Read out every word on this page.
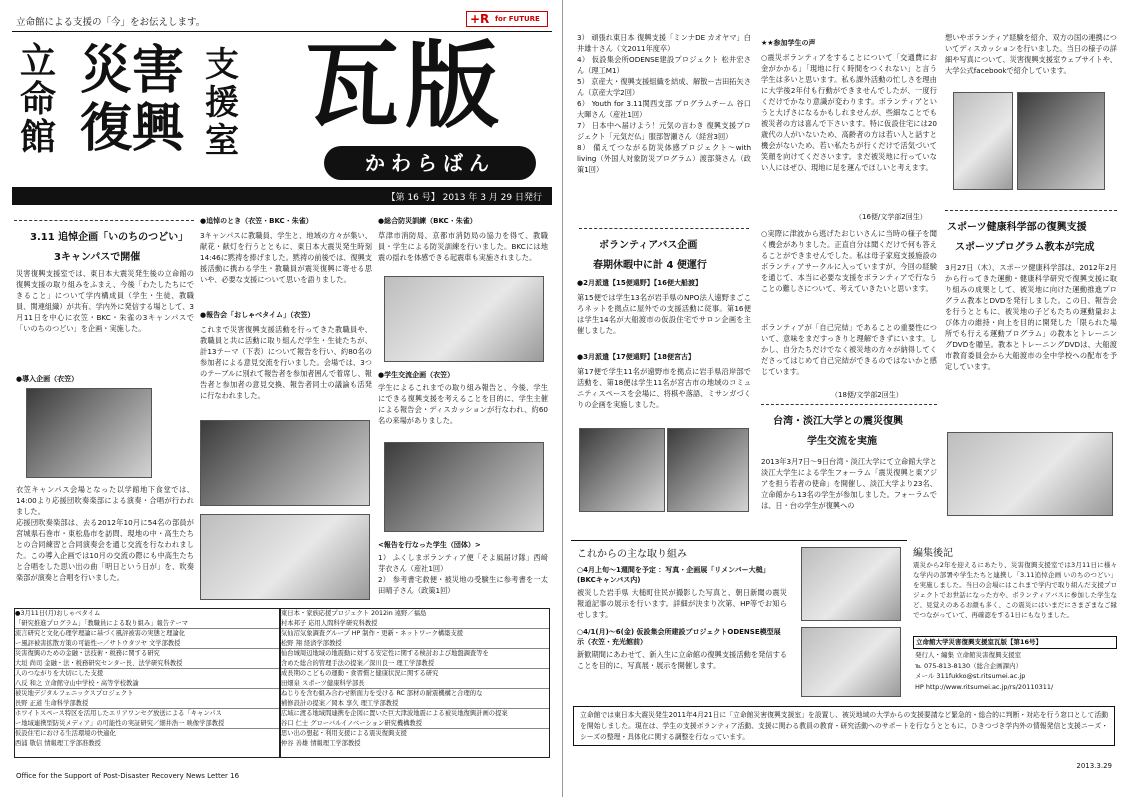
立命館による支援の「今」をお伝えします。	+R for FUTURE
立命館
災害復興
支援室 瓦版
かわらばん
【第 16 号】 2013 年 3 月 29 日発行
3.11 追悼企画「いのちのつどい」
3キャンパスで開催
災害復興支援室では、東日本大震災発生後の立命館の復興支援の取り組みをふまえ、今後「わたしたちにできること」について学内構成員（学生・生徒、教職員、関連組織）が共有、学内外に発信する場として、3月11日を中心に衣笠・BKC・朱雀の3キャンパスで「いのちのつどい」を企画・実施した。
●導入企画（衣笠）
衣笠キャンパス会場となった以学館地下食堂では、14:00より応援団吹奏楽部による演奏・合唱が行われました。
応援団吹奏楽部は、去る2012年10月に54名の部員が宮城県石巻市・東松島市を訪問、現地の中・高生たちとの合同練習と合同演奏会を通じ交流を行なわれました。この導入企画では10月の交流の際にも中高生たちと合唱をした思い出の曲「明日という日が」を、吹奏楽部が演奏と合唱を行いました。
●追悼のとき（衣笠・BKC・朱雀）
3キャンパスに教職員、学生と、地域の方々が集い、献花・献灯を行うとともに、東日本大震災発生時刻14:46に黙祷を捧げました。黙祷の前後では、復興支援活動に携わる学生・教職員が震災復興に寄せる思いや、必要な支援について思いを語りました。
●報告会「おしゃべタイム」（衣笠）
これまで災害復興支援活動を行ってきた教職員や、教職員と共に活動に取り組んだ学生・生徒たちが、計13テーマ（下表）について報告を行い、約80名の参加者による意見交流を行いました。会場では、3つのテーブルに別れて報告者を参加者囲んで着席し、報告者と参加者の意見交換、報告者同士の議論も活発に行なわれました。
●総合防災訓練（BKC・朱雀）
草津市消防局、京都市消防局の協力を得て、教職員・学生による防災訓練を行いました。BKCには地震の揺れを体感できる起震車も実施されました。
●学生交流企画（衣笠）
学生によるこれまでの取り組み報告と、今後、学生にできる復興支援を考えることを目的に、学生主催による報告会・ディスカッションが行なわれ、約60名の来場がありました。
<報告を行なった学生（団体）>
1） ふくしまボランティア便「そよ風届け隊」西﨑芽衣さん（産社1回）
2） 参考書宅救便・被災地の受験生に参考書を一太田晴子さん（政策1回）
●3月11日(月)おしゃべタイム
「研究推進プログラム」「教職員による取り組み」報告テーマ
流言研究と文化心理学理論に基づく風評被害の実態と理論化
ー風評被害拡散方策の可能性ー／サトウタツヤ 文学部教授
災害復興のための金融・法技術・税務に関する研究
大垣 尚司 金融・法・税務研究センター長、法学研究科教授
人のつながりを大切にした支援
八反 和之 立命館守山中学校・高等学校教諭
被災地デジタルフェニックスプロジェクト
長野 正道 生命科学部教授
ホワイトスペース特区を活用したエリアワンセグ放送による「キャンパス
ー地域連携型防災メディア」の可能性の実証研究／細井浩一 映像学部教授
仮設住宅における生活環境の快適化
西浦 敬信 情報理工学部准教授
東日本・家族応援プロジェクト 2012in 遠野／福島
村本邦子 応用人間科学研究科教授
気仙沼気象調査グループ HP 制作・更新・ネットワーク構築支援
松野 翔 経済学部教授
仙台城周辺地域の地震動に対する安定性に関する検討および地盤調査等を
含めた総合的管理手法の提案／深川良一 理工学部教授
成長期のこどもの運動・食習慣と健康状況に関する研究
田畑泉 スポーツ健康科学部長
ねじりを含む組み合わせ断面力を受ける RC 部材の耐震機構と合理的な
補修設計の提案／岡本 享久 理工学部教授
広域に渡る地域間連携を企図に置いた巨大津波地震による被災地復興計画の提案
谷口 仁士 グローバルイノベーション研究機構教授
思い出の想起・利用支援による震災復興支援
仲谷 善雄 情報理工学部教授
Office for the Support of Post-Disaster Recovery News Letter 16
3） 頑張れ東日本 復興支援「ミンナDE カオヤマ」白井雄十さん（文2011年度卒）
4） 仮設集会所ODENSE建設プロジェクト 松井宏さん（理工M1）
5） 京産大・復興支援組織を結成、解散ー吉田拓矢さん（京産大学2回）
6） Youth for 3.11関西支部 プログラムチーム 谷口大暉さん（産社1回）
7） 日本中へ届けよう！元気の言わき 復興支援プロジェクト「元気だ仏」服部智瀬さん（経営3回）
8） 備えてつながる防災体感プロジェクト〜with living（外国人対象防災プログラム）渡部葵さん（政策1回）
ボランティアバス企画
春期休暇中に計 4 便運行
●2月派遣【15便遠野】【16便大船渡】
第15便では学生13名が岩手県のNPO法人遠野まごころネットを拠点に屋外での支援活動に従事。第16便は学生14名が大船渡市の仮設住宅でサロン企画を主催しました。
●3月派遣【17便遠野】【18便宮古】
第17便で学生11名が遠野市を拠点に岩手県沿岸部で活動を、第18便は学生11名が宮古市の地域のコミュニティスペースを会場に、将棋や落語、ミサンガづくりの企画を実施しました。
★★参加学生の声
○震災ボランティアをすることについて「交通費にお金がかかる」「現地に行く時間をつくれない」と言う学生は多いと思います。私も課外活動の忙しさを理由に大学後2年付も行動ができませんでしたが、一度行くだけでかなり意識が変わります。ボランティアというと大げさになるかもしれませんが、些細なことでも被災者の方は喜んで下さいます。特に仮設住宅には20歳代の人がいないため、高齢者の方は若い人と話すと機会がないため、若い私たちが行くだけで活気づいて笑顔を向けてくださいます。まだ被災地に行っていない人にはぜひ、現地に足を運んでほしいと考えます。
（16便/文学部2回生）
○実際に津波から逃げたおじいさんに当時の様子を聞く機会がありました。正直自分は聞くだけで何も答えることができませんでした。私は母子家庭支援施設のボランティアサークルに入っていますが、今回の経験を通じて、本当に必要な支援をボランティアで行なうことの難しさについて、考えていきたいと思います。
ボランティアが「自己完結」であることの重要性について、意味をまだすっきりと理解できずにいます。しかし、自分たちだけでなく被災地の方々が納得してくださってはじめて自己完結ができるのではないかと感じています。
（18便/文学部2回生）
台湾・淡江大学との震災復興
学生交流を実施
2013年3月7日〜9日台湾・淡江大学にて立命館大学と淡江大学生による学生フォーラム「震災復興と東アジアを担う若者の使命」を開催し、淡江大学より23名、立命館から13名の学生が参加しました。フォーラムでは、日・台の学生が復興への
想いやボランティア経験を紹介、双方の国の連携についてディスカッションを行いました。当日の様子の詳細や写真について、災害復興支援室ウェブサイトや、大学公式facebookで紹介しています。
スポーツ健康科学部の復興支援
スポーツプログラム教本が完成
3月27日（木）、スポーツ健康科学部は、2012年2月から行ってきた運動・健康科学研究で復興支援に取り組みの成果として、被災地に向けた運動推進プログラム教本とDVDを発行しました。この日、報告会を行うとともに、被災地の子どもたちの運動量および体力の維持・向上を目的に開発した「限られた場所でも行える運動プログラム」の教本とトレーニングDVDを贈呈。教本とトレーニングDVDは、大船渡市教育委員会から大船渡市の全中学校への配布を予定しています。
これからの主な取り組み
○4月上旬〜1週間を予定 ：写真・企画展「リメンバー大槌」(BKCキャンパス内)
被災した岩手県 大槌町住民が撮影した写真と、朝日新聞の震災報道記事の展示を行います。詳細が決まり次第、HP等でお知らせします。
○4/1(月)〜6(金) 仮設集会所建設プロジェクトODENSE模型展示（衣笠・充光館前）
新歓期間にあわせて、新入生に立命館の復興支援活動を発信することを目的に、写真展・展示を開催します。
編集後記
震災から2年を迎えるにあたり、災害復興支援室では3月11日に様々な学内の部署や学生たちと連携し「3.11追悼企画 いのちのつどい」を実施しました。当日の会場にはこれまで学内で取り組んだ支援プロジェクトでお世話になった方や、ボランティアバスに参加した学生など、見覚えのあるお顔も多く、この震災にはいまだにさまざまなご縁でつながっていて、再確認をする1日にもなりました。
立命館大学災害復興支援室瓦版【第16号】
発行人・編集 立命館災害復興支援室
℡ 075-813-8130（総合企画課内）
メール 311fukko@st.ritsumei.ac.jp
HP http://www.ritsumei.ac.jp/rs/20110311/
立命館では東日本大震災発生2011年4月21日に「立命館災害復興支援室」を設置し、被災地域の大学からの支援要請など緊急的・総合的に判断・対応を行う窓口として活動を開始しました。現在は、学生の支援ボランティア活動、支援に関わる教員の教育・研究活動へのサポートを行なうとともに、ひきつづき学内外の情報発信と支援ニーズ・シーズの整理・具体化に関する調整を行なっています。
2013.3.29
